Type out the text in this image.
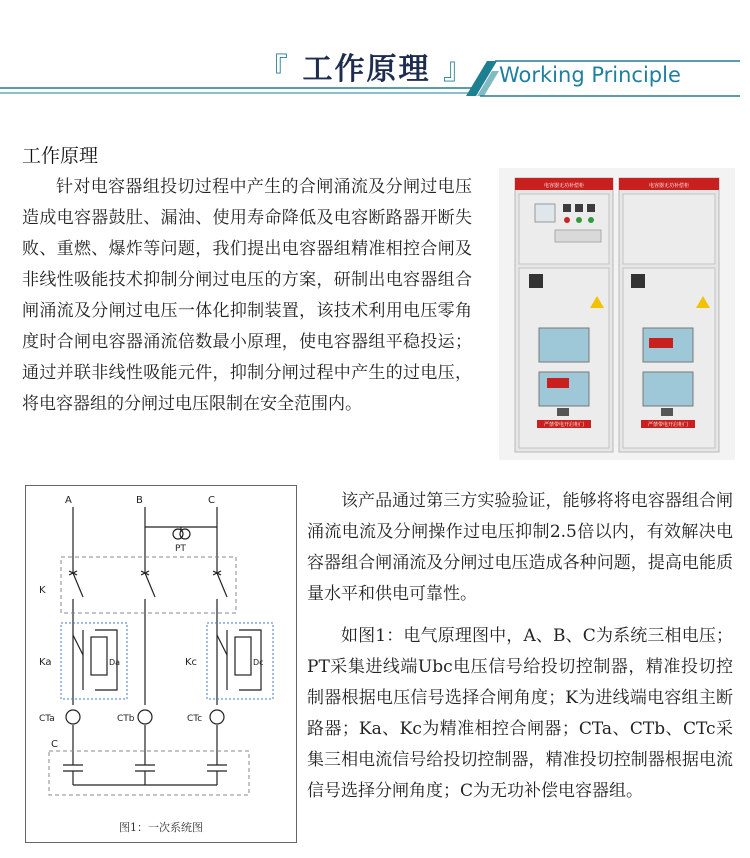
『 工作原理 』 Working Principle
工作原理
针对电容器组投切过程中产生的合闸涌流及分闸过电压造成电容器鼓肚、漏油、使用寿命降低及电容断路器开断失败、重燃、爆炸等问题，我们提出电容器组精准相控合闸及非线性吸能技术抑制分闸过电压的方案，研制出电容器组合闸涌流及分闸过电压一体化抑制装置，该技术利用电压零角度时合闸电容器涌流倍数最小原理，使电容器组平稳投运；通过并联非线性吸能元件，抑制分闸过程中产生的过电压，将电容器组的分闸过电压限制在安全范围内。
电容器无功补偿柜
严禁带电开启柜门
电容器无功补偿柜
严禁带电开启柜门
A	B	C
PT
K
Ka	Da	Kc	Dc
CTa	CTb	CTc
C
图1：一次系统图
该产品通过第三方实验验证，能够将将电容器组合闸涌流电流及分闸操作过电压抑制2.5倍以内，有效解决电容器组合闸涌流及分闸过电压造成各种问题，提高电能质量水平和供电可靠性。
如图1：电气原理图中，A、B、C为系统三相电压；PT采集进线端Ubc电压信号给投切控制器，精准投切控制器根据电压信号选择合闸角度；K为进线端电容组主断路器；Ka、Kc为精准相控合闸器；CTa、CTb、CTc采集三相电流信号给投切控制器，精准投切控制器根据电流信号选择分闸角度；C为无功补偿电容器组。
